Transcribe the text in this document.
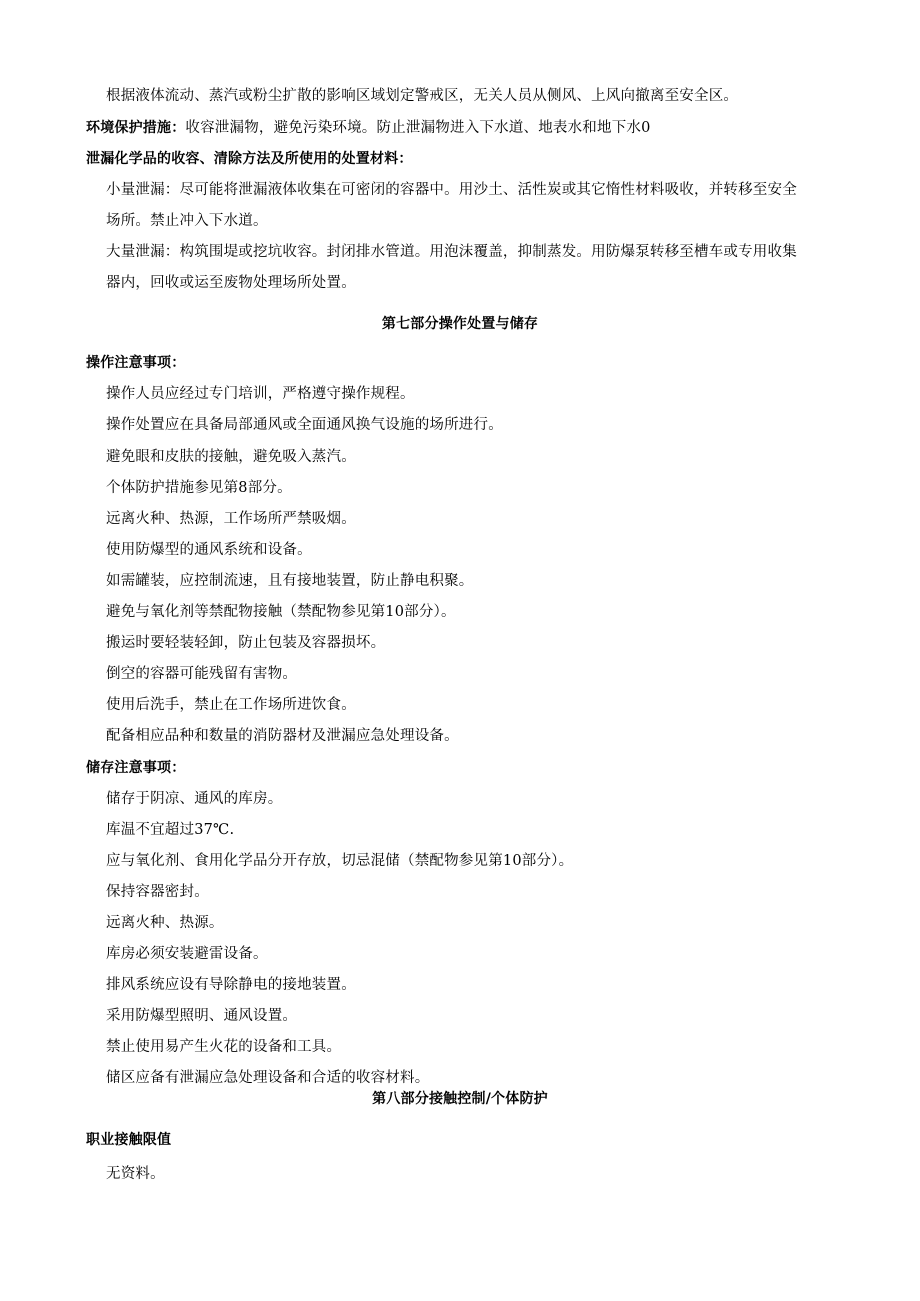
根据液体流动、蒸汽或粉尘扩散的影响区域划定警戒区，无关人员从侧风、上风向撤离至安全区。
环境保护措施：收容泄漏物，避免污染环境。防止泄漏物进入下水道、地表水和地下水0
泄漏化学品的收容、清除方法及所使用的处置材料：
小量泄漏：尽可能将泄漏液体收集在可密闭的容器中。用沙土、活性炭或其它惰性材料吸收，并转移至安全
场所。禁止冲入下水道。
大量泄漏：构筑围堤或挖坑收容。封闭排水管道。用泡沫覆盖，抑制蒸发。用防爆泵转移至槽车或专用收集
器内，回收或运至废物处理场所处置。
第七部分操作处置与储存
操作注意事项：
操作人员应经过专门培训，严格遵守操作规程。
操作处置应在具备局部通风或全面通风换气设施的场所进行。
避免眼和皮肤的接触，避免吸入蒸汽。
个体防护措施参见第8部分。
远离火种、热源，工作场所严禁吸烟。
使用防爆型的通风系统和设备。
如需罐装，应控制流速，且有接地装置，防止静电积聚。
避免与氧化剂等禁配物接触（禁配物参见第10部分）。
搬运时要轻装轻卸，防止包装及容器损坏。
倒空的容器可能残留有害物。
使用后洗手，禁止在工作场所进饮食。
配备相应品种和数量的消防器材及泄漏应急处理设备。
储存注意事项：
储存于阴凉、通风的库房。
库温不宜超过37℃.
应与氧化剂、食用化学品分开存放，切忌混储（禁配物参见第10部分）。
保持容器密封。
远离火种、热源。
库房必须安装避雷设备。
排风系统应设有导除静电的接地装置。
采用防爆型照明、通风设置。
禁止使用易产生火花的设备和工具。
储区应备有泄漏应急处理设备和合适的收容材料。
第八部分接触控制/个体防护
职业接触限值
无资料。
